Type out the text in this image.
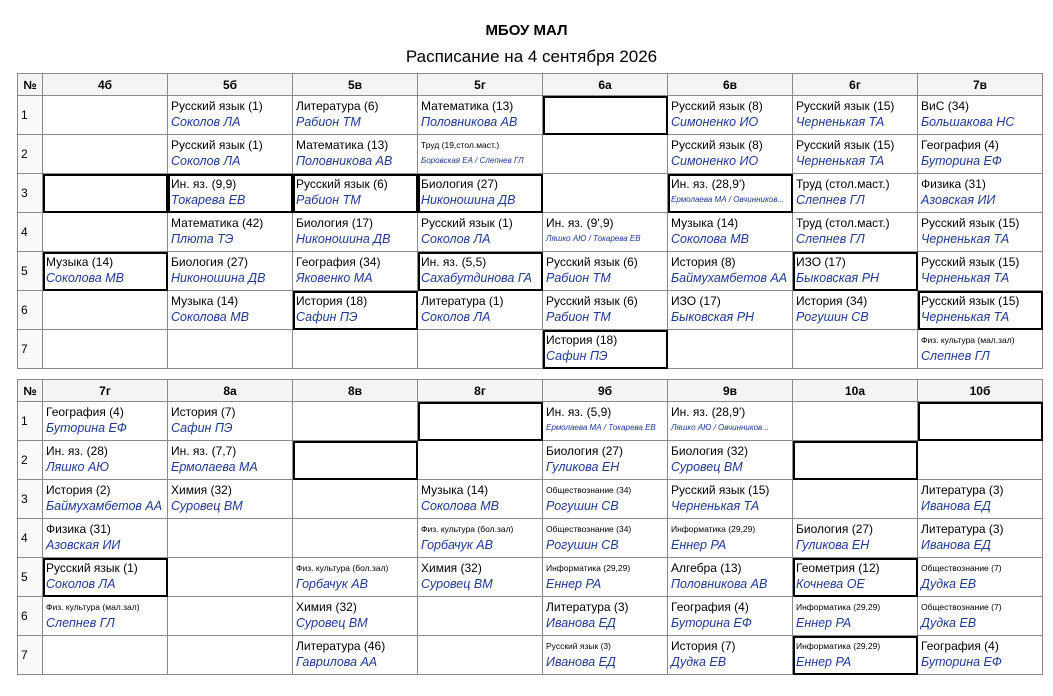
МБОУ МАЛ
Расписание на 4 сентября 2026
№	4б	5б	5в	5г	6а	6в	6г	7в
1		Русский язык (1)
Соколов ЛА	Литература (6)
Рабион ТМ	Математика (13)
Половникова АВ		Русский язык (8)
Симоненко ИО	Русский язык (15)
Черненькая ТА	ВиС (34)
Большакова НС

2		Русский язык (1)
Соколов ЛА	Математика (13)
Половникова АВ	Труд (19,стол.маст.)
Боровская ЕА / Слепнев ГЛ		Русский язык (8)
Симоненко ИО	Русский язык (15)
Черненькая ТА	География (4)
Буторина ЕФ

3		Ин. яз. (9,9)
Токарева ЕВ	Русский язык (6)
Рабион ТМ	Биология (27)
Никоношина ДВ		Ин. яз. (28,9')
Ермолаева МА / Овчинников...	Труд (стол.маст.)
Слепнев ГЛ	Физика (31)
Азовская ИИ

4		Математика (42)
Плюта ТЭ	Биология (17)
Никоношина ДВ	Русский язык (1)
Соколов ЛА	Ин. яз. (9',9)
Ляшко АЮ / Токарева ЕВ	Музыка (14)
Соколова МВ	Труд (стол.маст.)
Слепнев ГЛ	Русский язык (15)
Черненькая ТА

5	Музыка (14)
Соколова МВ	Биология (27)
Никоношина ДВ	География (34)
Яковенко МА	Ин. яз. (5,5)
Сахабутдинова ГА	Русский язык (6)
Рабион ТМ	История (8)
Баймухамбетов АА	ИЗО (17)
Быковская РН	Русский язык (15)
Черненькая ТА

6		Музыка (14)
Соколова МВ	История (18)
Сафин ПЭ	Литература (1)
Соколов ЛА	Русский язык (6)
Рабион ТМ	ИЗО (17)
Быковская РН	История (34)
Рогушин СВ	Русский язык (15)
Черненькая ТА

7					История (18)
Сафин ПЭ			Физ. культура (мал.зал)
Слепнев ГЛ
№	7г	8а	8в	8г	9б	9в	10а	10б
1	География (4)
Буторина ЕФ	История (7)
Сафин ПЭ			Ин. яз. (5,9)
Ермолаева МА / Токарева ЕВ	Ин. яз. (28,9')
Ляшко АЮ / Овчинников...		

2	Ин. яз. (28)
Ляшко АЮ	Ин. яз. (7,7)
Ермолаева МА			Биология (27)
Гуликова ЕН	Биология (32)
Суровец ВМ		

3	История (2)
Баймухамбетов АА	Химия (32)
Суровец ВМ		Музыка (14)
Соколова МВ	Обществознание (34)
Рогушин СВ	Русский язык (15)
Черненькая ТА		Литература (3)
Иванова ЕД

4	Физика (31)
Азовская ИИ			Физ. культура (бол.зал)
Горбачук АВ	Обществознание (34)
Рогушин СВ	Информатика (29,29)
Еннер РА	Биология (27)
Гуликова ЕН	Литература (3)
Иванова ЕД

5	Русский язык (1)
Соколов ЛА		Физ. культура (бол.зал)
Горбачук АВ	Химия (32)
Суровец ВМ	Информатика (29,29)
Еннер РА	Алгебра (13)
Половникова АВ	Геометрия (12)
Кочнева ОЕ	Обществознание (7)
Дудка ЕВ

6	Физ. культура (мал.зал)
Слепнев ГЛ		Химия (32)
Суровец ВМ		Литература (3)
Иванова ЕД	География (4)
Буторина ЕФ	Информатика (29,29)
Еннер РА	Обществознание (7)
Дудка ЕВ

7			Литература (46)
Гаврилова АА		Русский язык (3)
Иванова ЕД	История (7)
Дудка ЕВ	Информатика (29,29)
Еннер РА	География (4)
Буторина ЕФ
